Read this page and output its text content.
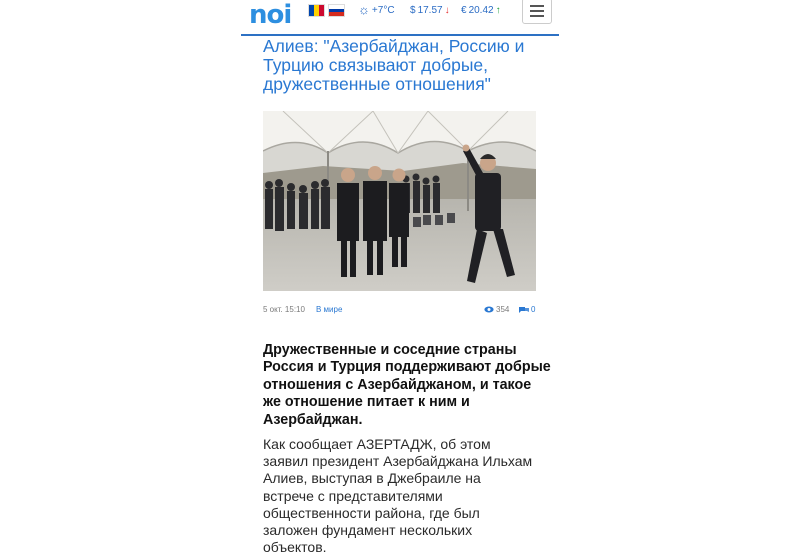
noi	☼ +7°C $ 17.57 ↓ € 20.42 ↑
Алиев: "Азербайджан, Россию и Турцию связывают добрые, дружественные отношения"
5 окт. 15:10 В мире	354	0

Дружественные и соседние страны Россия и Турция поддерживают добрые отношения с Азербайджаном, и такое же отношение питает к ним и Азербайджан.

Как сообщает АЗЕРТАДЖ, об этом заявил президент Азербайджана Ильхам Алиев, выступая в Джебраиле на встрече с представителями общественности района, где был заложен фундамент нескольких объектов.
